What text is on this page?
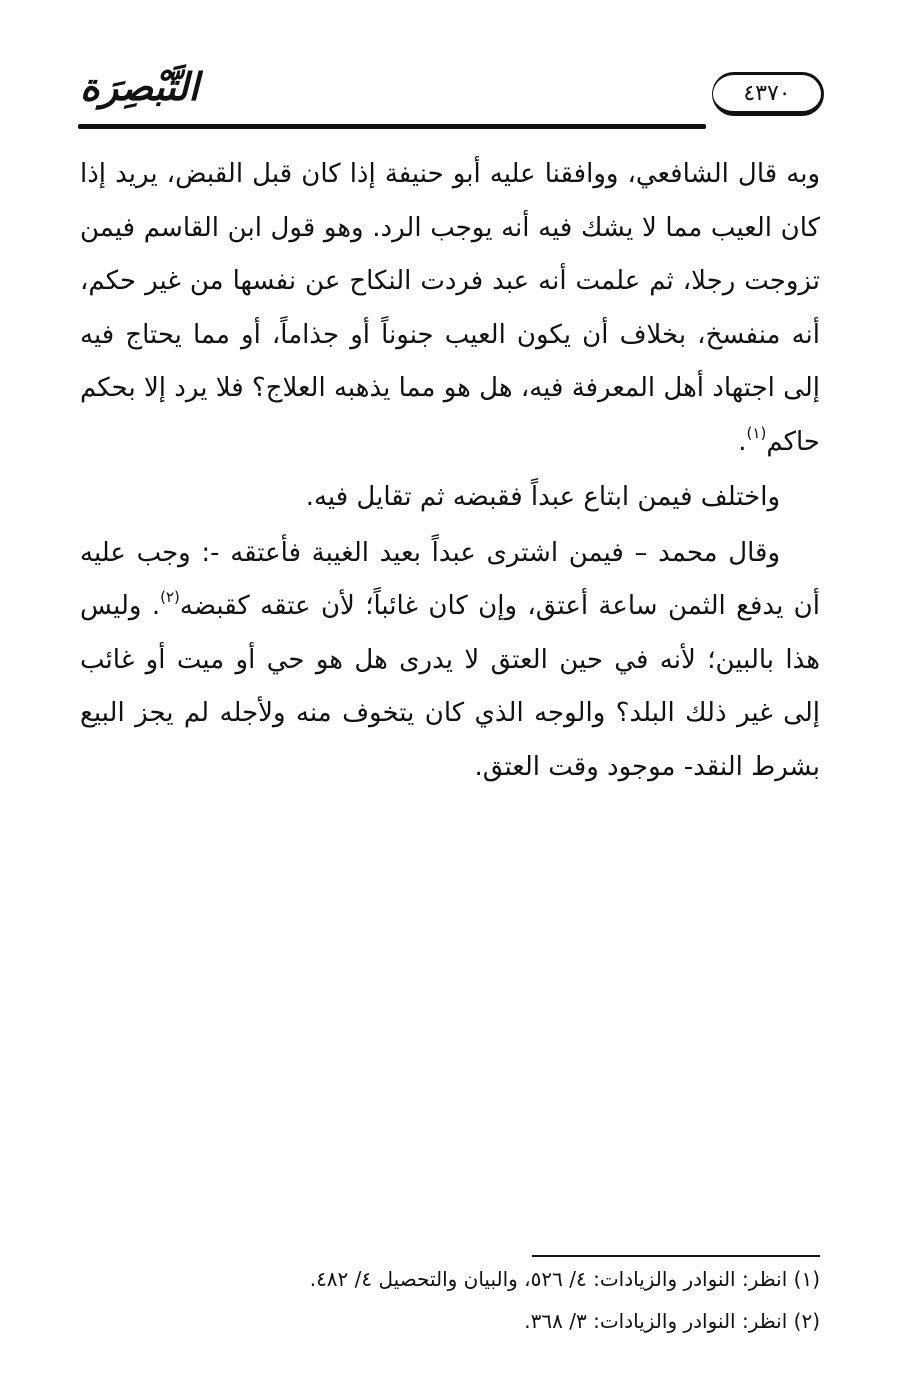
التَّبْصِرَة	٤٣٧٠

وبه قال الشافعي، ووافقنا عليه أبو حنيفة إذا كان قبل القبض، يريد إذا كان العيب مما لا يشك فيه أنه يوجب الرد. وهو قول ابن القاسم فيمن تزوجت رجلا، ثم علمت أنه عبد فردت النكاح عن نفسها من غير حكم، أنه منفسخ، بخلاف أن يكون العيب جنوناً أو جذاماً، أو مما يحتاج فيه إلى اجتهاد أهل المعرفة فيه، هل هو مما يذهبه العلاج؟ فلا يرد إلا بحكم حاكم$^{(١)}$.

واختلف فيمن ابتاع عبداً فقبضه ثم تقايل فيه.

وقال محمد – فيمن اشترى عبداً بعيد الغيبة فأعتقه -: وجب عليه أن يدفع الثمن ساعة أعتق، وإن كان غائباً؛ لأن عتقه كقبضه$^{(٢)}$. وليس هذا بالبين؛ لأنه في حين العتق لا يدرى هل هو حي أو ميت أو غائب إلى غير ذلك البلد؟ والوجه الذي كان يتخوف منه ولأجله لم يجز البيع بشرط النقد- موجود وقت العتق.

(١) انظر: النوادر والزيادات: ٤/ ٥٢٦، والبيان والتحصيل ٤/ ٤٨٢.

(٢) انظر: النوادر والزيادات: ٣/ ٣٦٨.
